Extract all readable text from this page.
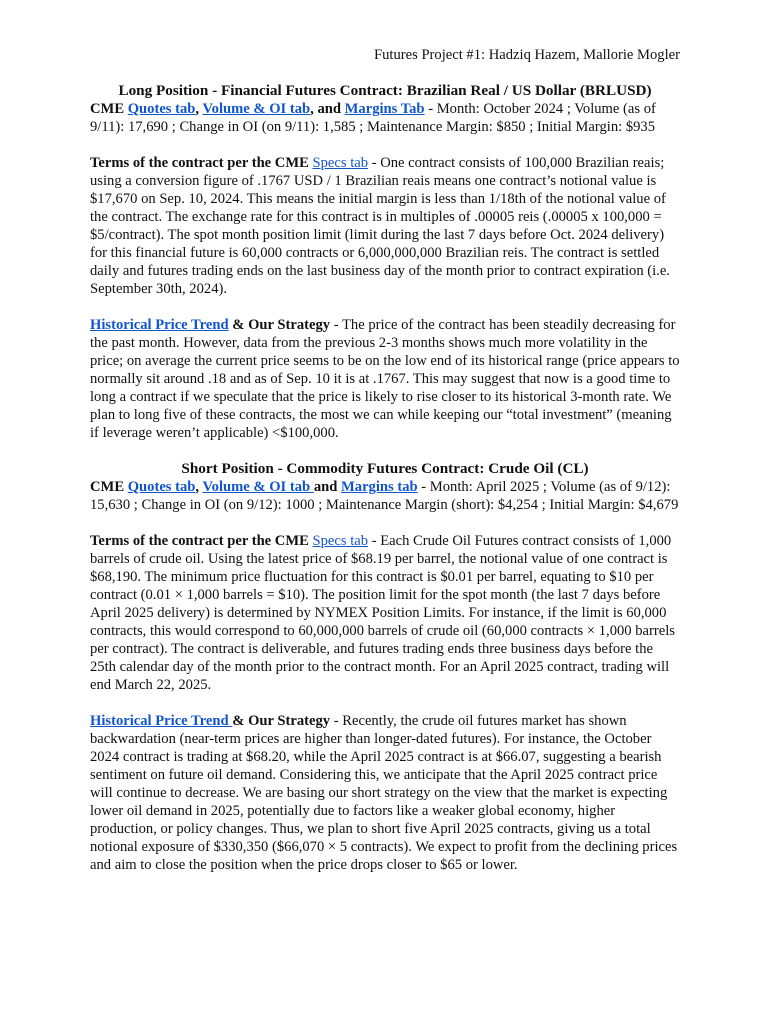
Futures Project #1: Hadziq Hazem, Mallorie Mogler

Long Position - Financial Futures Contract: Brazilian Real / US Dollar (BRLUSD)

CME Quotes tab, Volume & OI tab, and Margins Tab - Month: October 2024 ; Volume (as of 9/11): 17,690 ; Change in OI (on 9/11): 1,585 ; Maintenance Margin: $850 ; Initial Margin: $935

Terms of the contract per the CME Specs tab - One contract consists of 100,000 Brazilian reais; using a conversion figure of .1767 USD / 1 Brazilian reais means one contract’s notional value is $17,670 on Sep. 10, 2024. This means the initial margin is less than 1/18th of the notional value of the contract. The exchange rate for this contract is in multiples of .00005 reis (.00005 x 100,000 = $5/contract). The spot month position limit (limit during the last 7 days before Oct. 2024 delivery) for this financial future is 60,000 contracts or 6,000,000,000 Brazilian reis. The contract is settled daily and futures trading ends on the last business day of the month prior to contract expiration (i.e. September 30th, 2024).

Historical Price Trend & Our Strategy - The price of the contract has been steadily decreasing for the past month. However, data from the previous 2-3 months shows much more volatility in the price; on average the current price seems to be on the low end of its historical range (price appears to normally sit around .18 and as of Sep. 10 it is at .1767. This may suggest that now is a good time to long a contract if we speculate that the price is likely to rise closer to its historical 3-month rate. We plan to long five of these contracts, the most we can while keeping our “total investment” (meaning if leverage weren’t applicable) <$100,000.

Short Position - Commodity Futures Contract: Crude Oil (CL)

CME Quotes tab, Volume & OI tab and Margins tab - Month: April 2025 ; Volume (as of 9/12): 15,630 ; Change in OI (on 9/12): 1000 ; Maintenance Margin (short): $4,254 ; Initial Margin: $4,679

Terms of the contract per the CME Specs tab - Each Crude Oil Futures contract consists of 1,000 barrels of crude oil. Using the latest price of $68.19 per barrel, the notional value of one contract is $68,190. The minimum price fluctuation for this contract is $0.01 per barrel, equating to $10 per contract (0.01 × 1,000 barrels = $10). The position limit for the spot month (the last 7 days before April 2025 delivery) is determined by NYMEX Position Limits. For instance, if the limit is 60,000 contracts, this would correspond to 60,000,000 barrels of crude oil (60,000 contracts × 1,000 barrels per contract). The contract is deliverable, and futures trading ends three business days before the 25th calendar day of the month prior to the contract month. For an April 2025 contract, trading will end March 22, 2025.

Historical Price Trend & Our Strategy - Recently, the crude oil futures market has shown backwardation (near-term prices are higher than longer-dated futures). For instance, the October 2024 contract is trading at $68.20, while the April 2025 contract is at $66.07, suggesting a bearish sentiment on future oil demand. Considering this, we anticipate that the April 2025 contract price will continue to decrease. We are basing our short strategy on the view that the market is expecting lower oil demand in 2025, potentially due to factors like a weaker global economy, higher production, or policy changes. Thus, we plan to short five April 2025 contracts, giving us a total notional exposure of $330,350 ($66,070 × 5 contracts). We expect to profit from the declining prices and aim to close the position when the price drops closer to $65 or lower.
